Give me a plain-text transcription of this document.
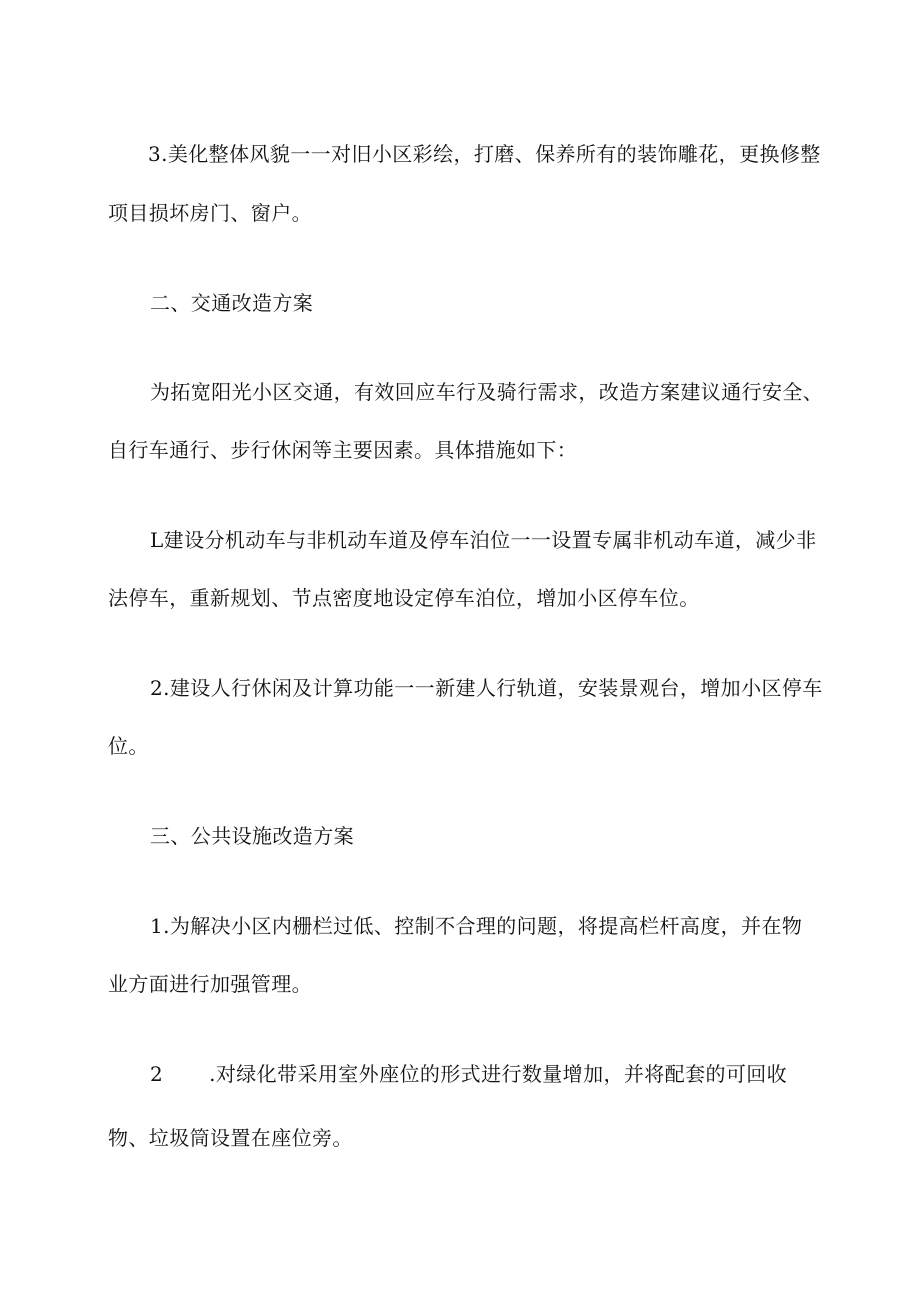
3.美化整体风貌一一对旧小区彩绘，打磨、保养所有的装饰雕花，更换修整
项目损坏房门、窗户。
二、交通改造方案
为拓宽阳光小区交通，有效回应车行及骑行需求，改造方案建议通行安全、
自行车通行、步行休闲等主要因素。具体措施如下：
L建设分机动车与非机动车道及停车泊位一一设置专属非机动车道，减少非
法停车，重新规划、节点密度地设定停车泊位，增加小区停车位。
2.建设人行休闲及计算功能一一新建人行轨道，安装景观台，增加小区停车
位。
三、公共设施改造方案
1.为解决小区内栅栏过低、控制不合理的问题，将提高栏杆高度，并在物
业方面进行加强管理。
2 .对绿化带采用室外座位的形式进行数量增加，并将配套的可回收
物、垃圾筒设置在座位旁。
